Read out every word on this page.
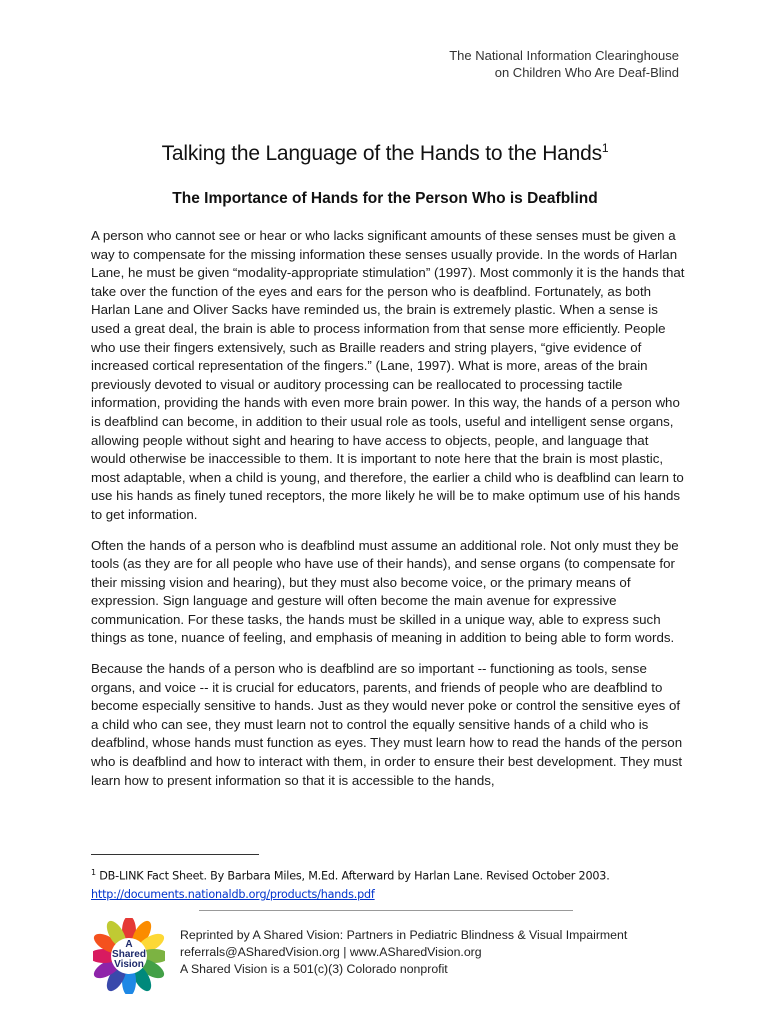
The National Information Clearinghouse
on Children Who Are Deaf-Blind
Talking the Language of the Hands to the Hands$^1$
The Importance of Hands for the Person Who is Deafblind

A person who cannot see or hear or who lacks significant amounts of these senses must be given a way to compensate for the missing information these senses usually provide. In the words of Harlan Lane, he must be given “modality-appropriate stimulation” (1997). Most commonly it is the hands that take over the function of the eyes and ears for the person who is deafblind. Fortunately, as both Harlan Lane and Oliver Sacks have reminded us, the brain is extremely plastic. When a sense is used a great deal, the brain is able to process information from that sense more efficiently. People who use their fingers extensively, such as Braille readers and string players, “give evidence of increased cortical representation of the fingers.” (Lane, 1997). What is more, areas of the brain previously devoted to visual or auditory processing can be reallocated to processing tactile information, providing the hands with even more brain power. In this way, the hands of a person who is deafblind can become, in addition to their usual role as tools, useful and intelligent sense organs, allowing people without sight and hearing to have access to objects, people, and language that would otherwise be inaccessible to them. It is important to note here that the brain is most plastic, most adaptable, when a child is young, and therefore, the earlier a child who is deafblind can learn to use his hands as finely tuned receptors, the more likely he will be to make optimum use of his hands to get information.

Often the hands of a person who is deafblind must assume an additional role. Not only must they be tools (as they are for all people who have use of their hands), and sense organs (to compensate for their missing vision and hearing), but they must also become voice, or the primary means of expression. Sign language and gesture will often become the main avenue for expressive communication. For these tasks, the hands must be skilled in a unique way, able to express such things as tone, nuance of feeling, and emphasis of meaning in addition to being able to form words.

Because the hands of a person who is deafblind are so important -- functioning as tools, sense organs, and voice -- it is crucial for educators, parents, and friends of people who are deafblind to become especially sensitive to hands. Just as they would never poke or control the sensitive eyes of a child who can see, they must learn not to control the equally sensitive hands of a child who is deafblind, whose hands must function as eyes. They must learn how to read the hands of the person who is deafblind and how to interact with them, in order to ensure their best development. They must learn how to present information so that it is accessible to the hands,

$^1$ DB-LINK Fact Sheet. By Barbara Miles, M.Ed. Afterward by Harlan Lane. Revised October 2003.
http://documents.nationaldb.org/products/hands.pdf
A
Shared
Vision
Reprinted by A Shared Vision: Partners in Pediatric Blindness & Visual Impairment
referrals@ASharedVision.org | www.ASharedVision.org
A Shared Vision is a 501(c)(3) Colorado nonprofit
